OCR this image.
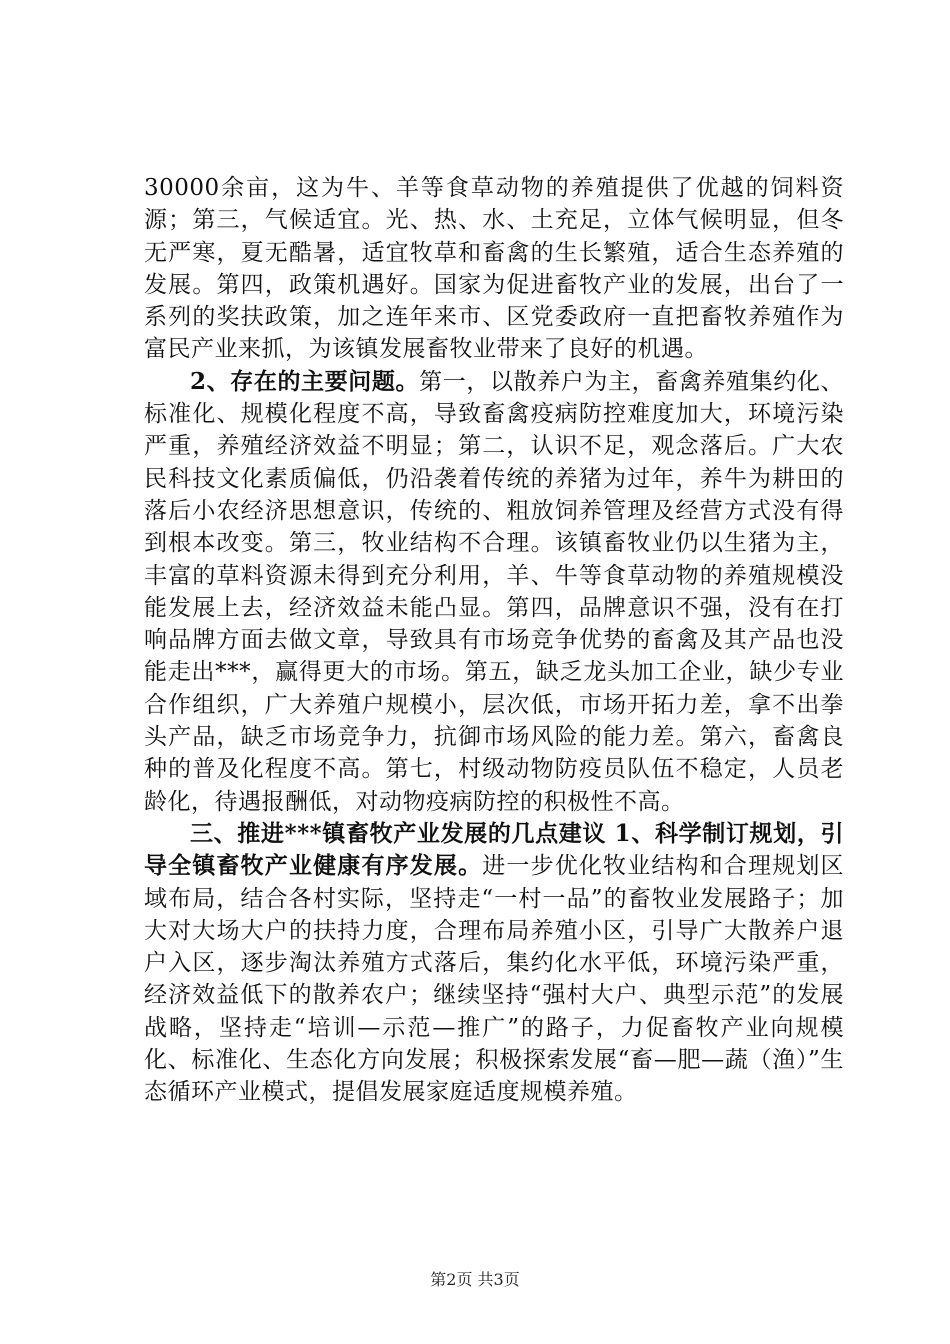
30000余亩，这为牛、羊等食草动物的养殖提供了优越的饲料资源；第三，气候适宜。光、热、水、土充足，立体气候明显，但冬无严寒，夏无酷暑，适宜牧草和畜禽的生长繁殖，适合生态养殖的发展。第四，政策机遇好。国家为促进畜牧产业的发展，出台了一系列的奖扶政策，加之连年来市、区党委政府一直把畜牧养殖作为富民产业来抓，为该镇发展畜牧业带来了良好的机遇。

2、存在的主要问题。第一，以散养户为主，畜禽养殖集约化、标准化、规模化程度不高，导致畜禽疫病防控难度加大，环境污染严重，养殖经济效益不明显；第二，认识不足，观念落后。广大农民科技文化素质偏低，仍沿袭着传统的养猪为过年，养牛为耕田的落后小农经济思想意识，传统的、粗放饲养管理及经营方式没有得到根本改变。第三，牧业结构不合理。该镇畜牧业仍以生猪为主，丰富的草料资源未得到充分利用，羊、牛等食草动物的养殖规模没能发展上去，经济效益未能凸显。第四，品牌意识不强，没有在打响品牌方面去做文章，导致具有市场竞争优势的畜禽及其产品也没能走出***，赢得更大的市场。第五，缺乏龙头加工企业，缺少专业合作组织，广大养殖户规模小，层次低，市场开拓力差，拿不出拳头产品，缺乏市场竞争力，抗御市场风险的能力差。第六，畜禽良种的普及化程度不高。第七，村级动物防疫员队伍不稳定，人员老龄化，待遇报酬低，对动物疫病防控的积极性不高。

三、推进***镇畜牧产业发展的几点建议 1、科学制订规划，引导全镇畜牧产业健康有序发展。进一步优化牧业结构和合理规划区域布局，结合各村实际，坚持走“一村一品”的畜牧业发展路子；加大对大场大户的扶持力度，合理布局养殖小区，引导广大散养户退户入区，逐步淘汰养殖方式落后，集约化水平低，环境污染严重，经济效益低下的散养农户；继续坚持“强村大户、典型示范”的发展战略，坚持走“培训—示范—推广”的路子，力促畜牧产业向规模化、标准化、生态化方向发展；积极探索发展“畜—肥—蔬（渔）”生态循环产业模式，提倡发展家庭适度规模养殖。

第2页 共3页
